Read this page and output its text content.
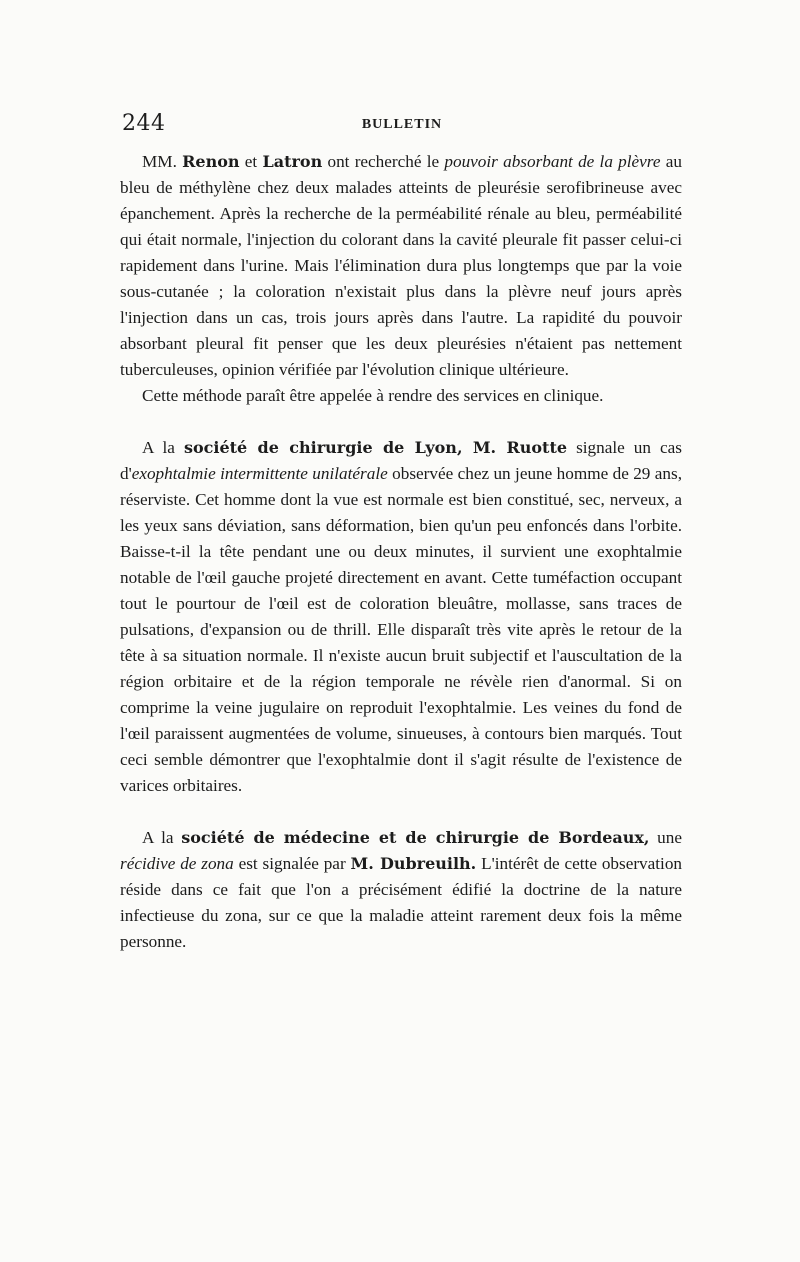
244	BULLETIN

MM. Renon et Latron ont recherché le pouvoir absorbant de la plèvre au bleu de méthylène chez deux malades atteints de pleurésie serofibrineuse avec épanchement. Après la recherche de la perméabilité rénale au bleu, perméabilité qui était normale, l'injection du colorant dans la cavité pleurale fit passer celui-ci rapidement dans l'urine. Mais l'élimination dura plus longtemps que par la voie sous-cutanée ; la coloration n'existait plus dans la plèvre neuf jours après l'injection dans un cas, trois jours après dans l'autre. La rapidité du pouvoir absorbant pleural fit penser que les deux pleurésies n'étaient pas nettement tuberculeuses, opinion vérifiée par l'évolution clinique ultérieure.

Cette méthode paraît être appelée à rendre des services en clinique.

A la société de chirurgie de Lyon, M. Ruotte signale un cas d'exophtalmie intermittente unilatérale observée chez un jeune homme de 29 ans, réserviste. Cet homme dont la vue est normale est bien constitué, sec, nerveux, a les yeux sans déviation, sans déformation, bien qu'un peu enfoncés dans l'orbite. Baisse-t-il la tête pendant une ou deux minutes, il survient une exophtalmie notable de l'œil gauche projeté directement en avant. Cette tuméfaction occupant tout le pourtour de l'œil est de coloration bleuâtre, mollasse, sans traces de pulsations, d'expansion ou de thrill. Elle disparaît très vite après le retour de la tête à sa situation normale. Il n'existe aucun bruit subjectif et l'auscultation de la région orbitaire et de la région temporale ne révèle rien d'anormal. Si on comprime la veine jugulaire on reproduit l'exophtalmie. Les veines du fond de l'œil paraissent augmentées de volume, sinueuses, à contours bien marqués. Tout ceci semble démontrer que l'exophtalmie dont il s'agit résulte de l'existence de varices orbitaires.

A la société de médecine et de chirurgie de Bordeaux, une récidive de zona est signalée par M. Dubreuilh. L'intérêt de cette observation réside dans ce fait que l'on a précisément édifié la doctrine de la nature infectieuse du zona, sur ce que la maladie atteint rarement deux fois la même personne.
